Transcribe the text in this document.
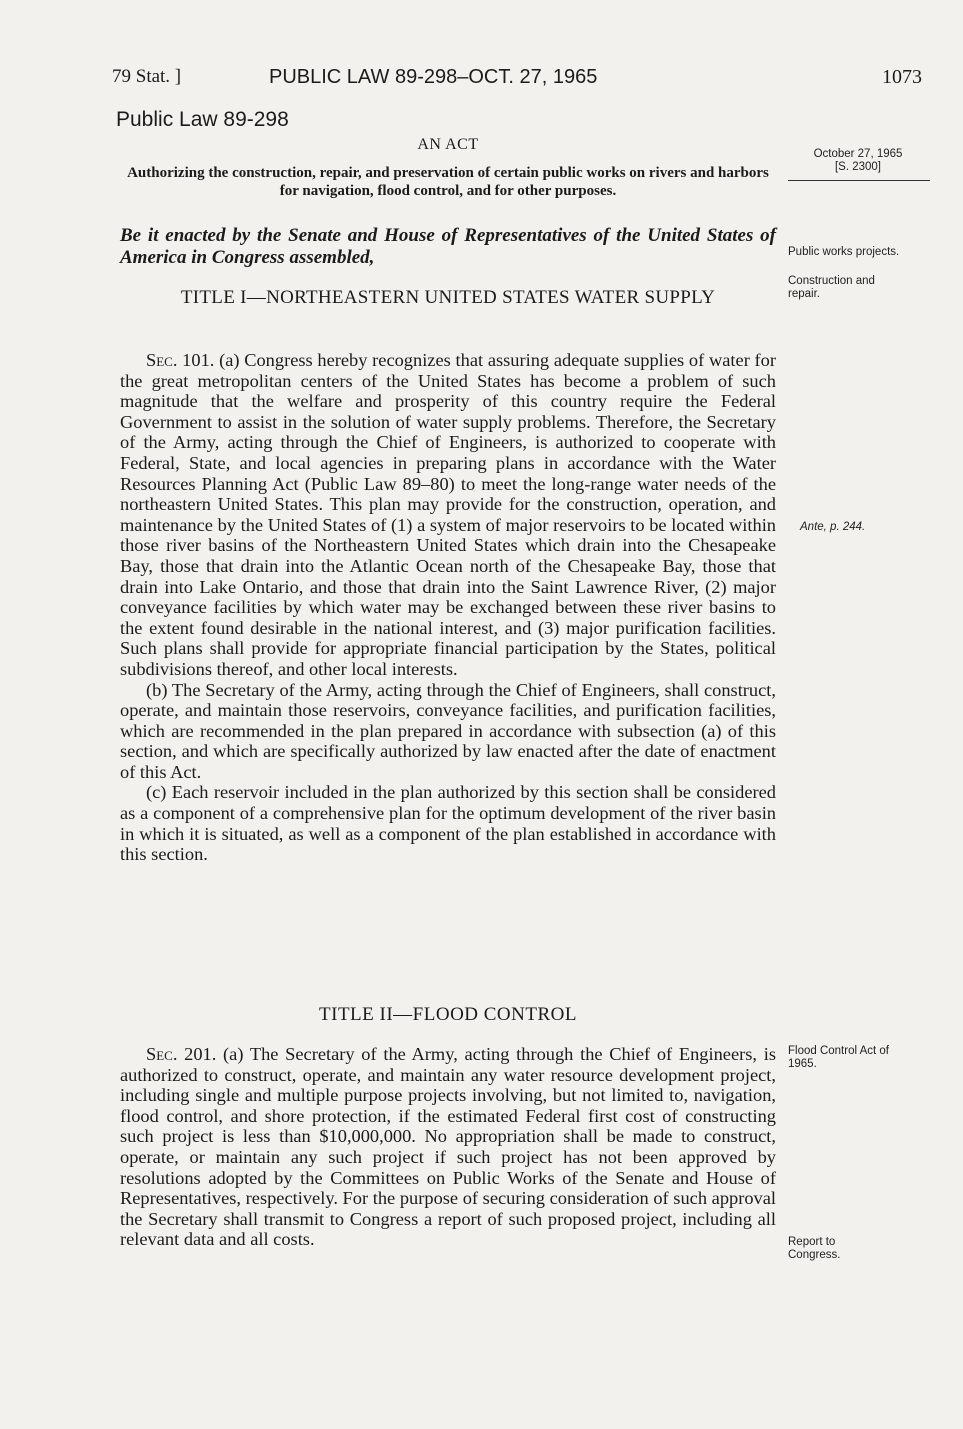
79 Stat. ]	PUBLIC LAW 89-298–OCT. 27, 1965	1073
Public Law 89-298
AN ACT
Authorizing the construction, repair, and preservation of certain public works on rivers and harbors for navigation, flood control, and for other purposes.
Be it enacted by the Senate and House of Representatives of the United States of America in Congress assembled,
TITLE I—NORTHEASTERN UNITED STATES WATER SUPPLY

Sec. 101. (a) Congress hereby recognizes that assuring adequate supplies of water for the great metropolitan centers of the United States has become a problem of such magnitude that the welfare and prosperity of this country require the Federal Government to assist in the solution of water supply problems. Therefore, the Secretary of the Army, acting through the Chief of Engineers, is authorized to cooperate with Federal, State, and local agencies in preparing plans in accordance with the Water Resources Planning Act (Public Law 89–80) to meet the long-range water needs of the northeastern United States. This plan may provide for the construction, operation, and maintenance by the United States of (1) a system of major reservoirs to be located within those river basins of the Northeastern United States which drain into the Chesapeake Bay, those that drain into the Atlantic Ocean north of the Chesapeake Bay, those that drain into Lake Ontario, and those that drain into the Saint Lawrence River, (2) major conveyance facilities by which water may be exchanged between these river basins to the extent found desirable in the national interest, and (3) major purification facilities. Such plans shall provide for appropriate financial participation by the States, political subdivisions thereof, and other local interests.

(b) The Secretary of the Army, acting through the Chief of Engineers, shall construct, operate, and maintain those reservoirs, conveyance facilities, and purification facilities, which are recommended in the plan prepared in accordance with subsection (a) of this section, and which are specifically authorized by law enacted after the date of enactment of this Act.

(c) Each reservoir included in the plan authorized by this section shall be considered as a component of a comprehensive plan for the optimum development of the river basin in which it is situated, as well as a component of the plan established in accordance with this section.

TITLE II—FLOOD CONTROL

Sec. 201. (a) The Secretary of the Army, acting through the Chief of Engineers, is authorized to construct, operate, and maintain any water resource development project, including single and multiple purpose projects involving, but not limited to, navigation, flood control, and shore protection, if the estimated Federal first cost of constructing such project is less than $10,000,000. No appropriation shall be made to construct, operate, or maintain any such project if such project has not been approved by resolutions adopted by the Committees on Public Works of the Senate and House of Representatives, respectively. For the purpose of securing consideration of such approval the Secretary shall transmit to Congress a report of such proposed project, including all relevant data and all costs.

October 27, 1965
[S. 2300]
Public works projects.
Construction and repair.
Ante, p. 244.
Flood Control Act of 1965.
Report to Congress.
